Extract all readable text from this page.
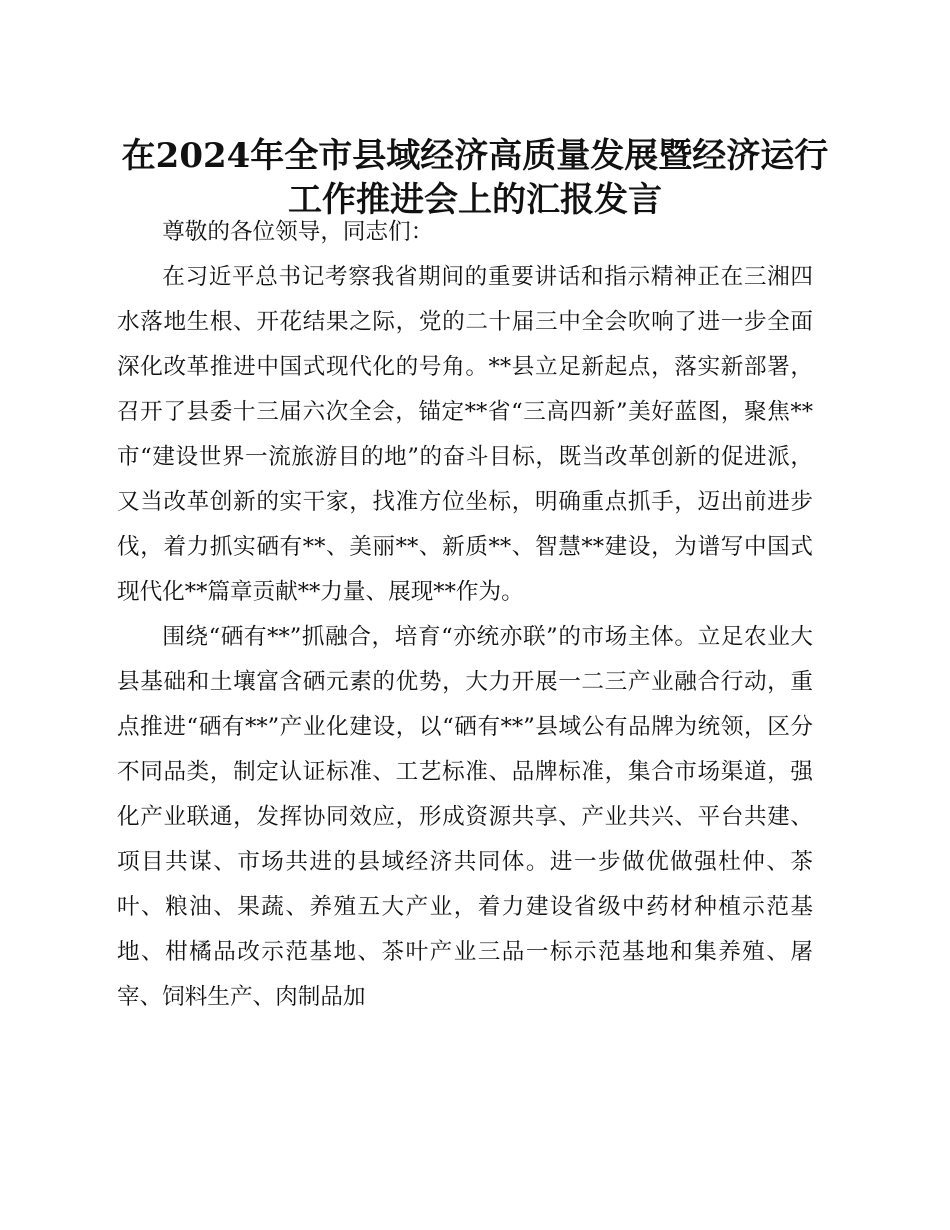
在2024年全市县域经济高质量发展暨经济运行
工作推进会上的汇报发言

尊敬的各位领导，同志们：

在习近平总书记考察我省期间的重要讲话和指示精神正在三湘四水落地生根、开花结果之际，党的二十届三中全会吹响了进一步全面深化改革推进中国式现代化的号角。**县立足新起点，落实新部署，召开了县委十三届六次全会，锚定**省“三高四新”美好蓝图，聚焦**市“建设世界一流旅游目的地”的奋斗目标，既当改革创新的促进派，又当改革创新的实干家，找准方位坐标，明确重点抓手，迈出前进步伐，着力抓实硒有**、美丽**、新质**、智慧**建设，为谱写中国式现代化**篇章贡献**力量、展现**作为。

围绕“硒有**”抓融合，培育“亦统亦联”的市场主体。立足农业大县基础和土壤富含硒元素的优势，大力开展一二三产业融合行动，重点推进“硒有**”产业化建设，以“硒有**”县域公有品牌为统领，区分不同品类，制定认证标准、工艺标准、品牌标准，集合市场渠道，强化产业联通，发挥协同效应，形成资源共享、产业共兴、平台共建、项目共谋、市场共进的县域经济共同体。进一步做优做强杜仲、茶叶、粮油、果蔬、养殖五大产业，着力建设省级中药材种植示范基地、柑橘品改示范基地、茶叶产业三品一标示范基地和集养殖、屠宰、饲料生产、肉制品加
